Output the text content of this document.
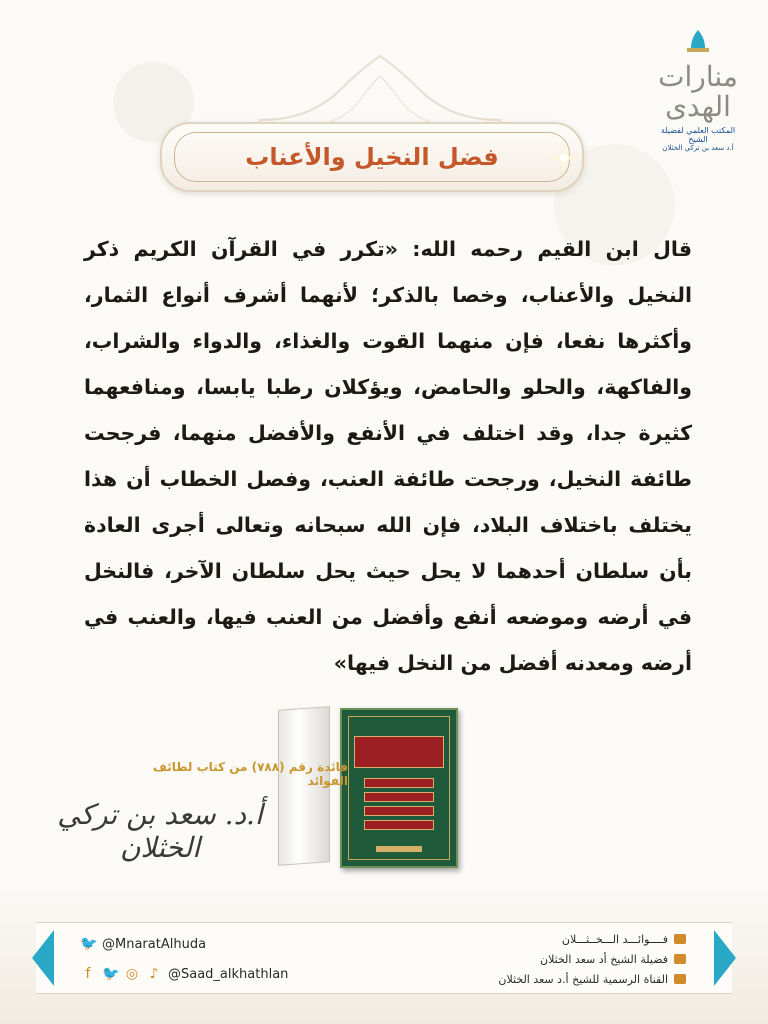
منارات الهدى
المكتب العلمي لفضيلة الشيخ
أ.د سعد بن تركي الخثلان
فضل النخيل والأعناب
قال ابن القيم رحمه الله: «تكرر في القرآن الكريم ذكر النخيل والأعناب، وخصا بالذكر؛ لأنهما أشرف أنواع الثمار، وأكثرها نفعا، فإن منهما القوت والغذاء، والدواء والشراب، والفاكهة، والحلو والحامض، ويؤكلان رطبا يابسا، ومنافعهما كثيرة جدا، وقد اختلف في الأنفع والأفضل منهما، فرجحت طائفة النخيل، ورجحت طائفة العنب، وفصل الخطاب أن هذا يختلف باختلاف البلاد، فإن الله سبحانه وتعالى أجرى العادة بأن سلطان أحدهما لا يحل حيث يحل سلطان الآخر، فالنخل في أرضه وموضعه أنفع وأفضل من العنب فيها، والعنب في أرضه ومعدنه أفضل من النخل فيها»
فائدة رقم (٧٨٨) من كتاب لطائف الفوائد
أ.د. سعد بن تركي الخثلان
🐦 @MnaratAlhuda
f 🐦 ◎ ♪ @Saad_alkhathlan
فــــوائـــد الـــخــثـــلان
فضيلة الشيخ أد سعد الخثلان
القناة الرسمية للشيخ أ.د سعد الخثلان
